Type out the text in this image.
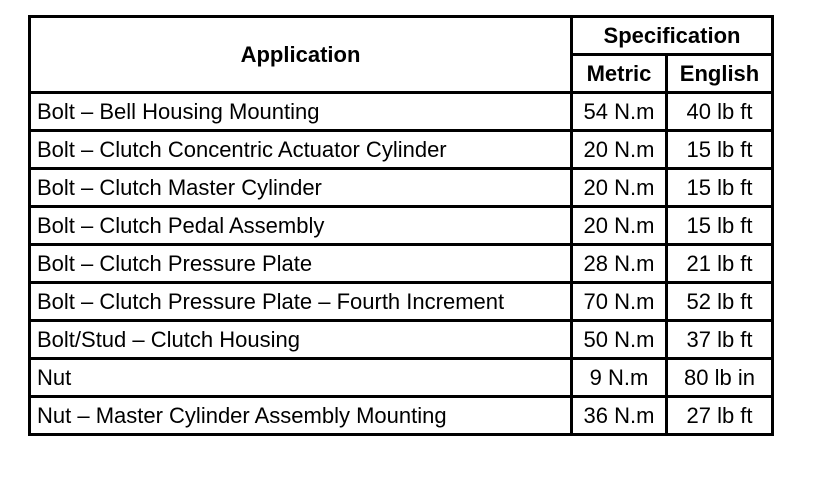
Application	Specification	
	Metric	English
Bolt – Bell Housing Mounting	54 N.m	40 lb ft
Bolt – Clutch Concentric Actuator Cylinder	20 N.m	15 lb ft
Bolt – Clutch Master Cylinder	20 N.m	15 lb ft
Bolt – Clutch Pedal Assembly	20 N.m	15 lb ft
Bolt – Clutch Pressure Plate	28 N.m	21 lb ft
Bolt – Clutch Pressure Plate – Fourth Increment	70 N.m	52 lb ft
Bolt/Stud – Clutch Housing	50 N.m	37 lb ft
Nut	9 N.m	80 lb in
Nut – Master Cylinder Assembly Mounting	36 N.m	27 lb ft
